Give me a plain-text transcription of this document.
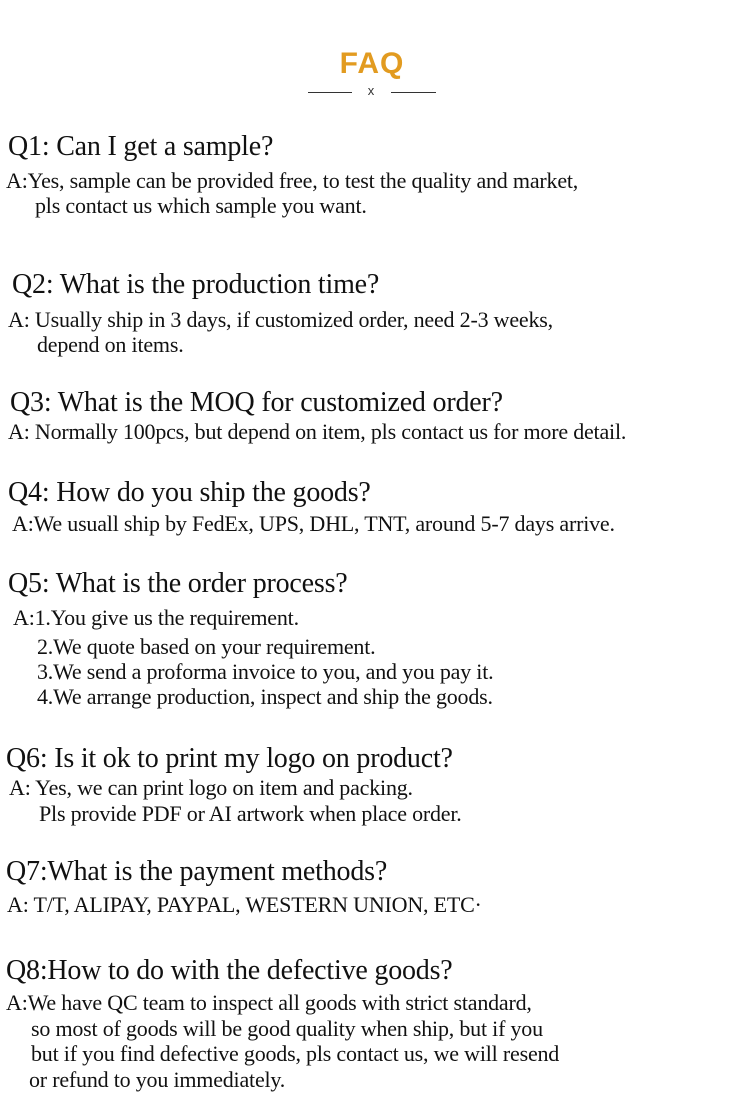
FAQ
x
Q1: Can I get a sample?
A:Yes, sample can be provided free, to test the quality and market,
pls contact us which sample you want.
Q2: What is the production time?
A: Usually ship in 3 days, if customized order, need 2-3 weeks,
depend on items.
Q3: What is the MOQ for customized order?
A: Normally 100pcs, but depend on item, pls contact us for more detail.
Q4: How do you ship the goods?
A:We usuall ship by FedEx, UPS, DHL, TNT, around 5-7 days arrive.
Q5: What is the order process?
A:1.You give us the requirement.
2.We quote based on your requirement.
3.We send a proforma invoice to you, and you pay it.
4.We arrange production, inspect and ship the goods.
Q6: Is it ok to print my logo on product?
A: Yes, we can print logo on item and packing.
Pls provide PDF or AI artwork when place order.
Q7:What is the payment methods?
A: T/T, ALIPAY, PAYPAL, WESTERN UNION, ETC·
Q8:How to do with the defective goods?
A:We have QC team to inspect all goods with strict standard,
so most of goods will be good quality when ship, but if you
but if you find defective goods, pls contact us, we will resend
or refund to you immediately.
